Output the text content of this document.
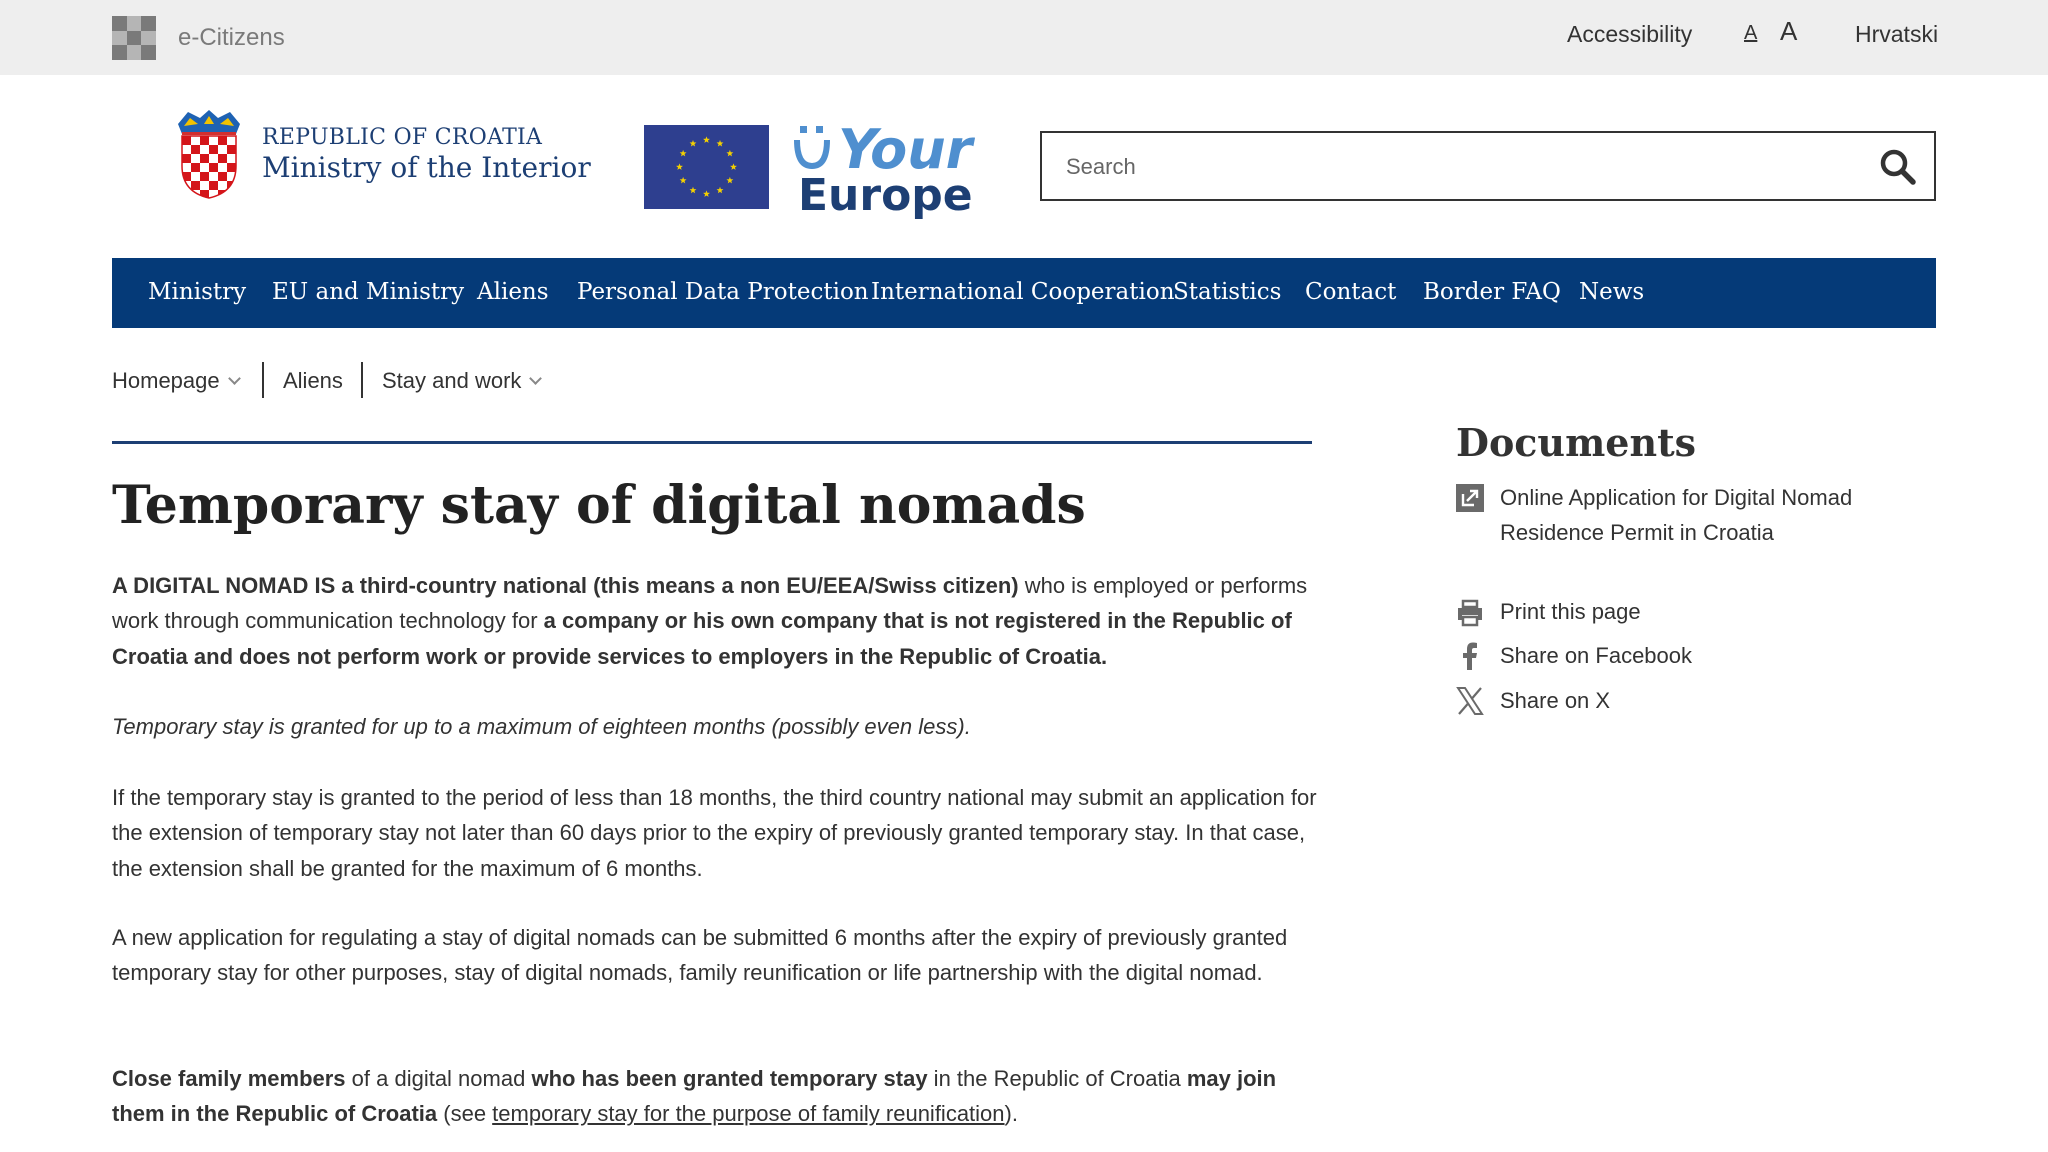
e-Citizens	Accessibility	A A	Hrvatski
REPUBLIC OF CROATIA
Ministry of the Interior	Your
Europe
Search
Ministry EU and Ministry Aliens Personal Data Protection International Cooperation
Statistics Contact Border FAQ News
Homepage	Aliens Stay and work
Temporary stay of digital nomads

A DIGITAL NOMAD IS a third-country national (this means a non EU/EEA/Swiss citizen) who is employed or performs work through communication technology for a company or his own company that is not registered in the Republic of Croatia and does not perform work or provide services to employers in the Republic of Croatia.

Temporary stay is granted for up to a maximum of eighteen months (possibly even less).

If the temporary stay is granted to the period of less than 18 months, the third country national may submit an application for the extension of temporary stay not later than 60 days prior to the expiry of previously granted temporary stay. In that case, the extension shall be granted for the maximum of 6 months.

A new application for regulating a stay of digital nomads can be submitted 6 months after the expiry of previously granted temporary stay for other purposes, stay of digital nomads, family reunification or life partnership with the digital nomad.

Close family members of a digital nomad who has been granted temporary stay in the Republic of Croatia may join them in the Republic of Croatia (see temporary stay for the purpose of family reunification).

Documents
Online Application for Digital Nomad Residence Permit in Croatia
Print this page
Share on Facebook
Share on X
